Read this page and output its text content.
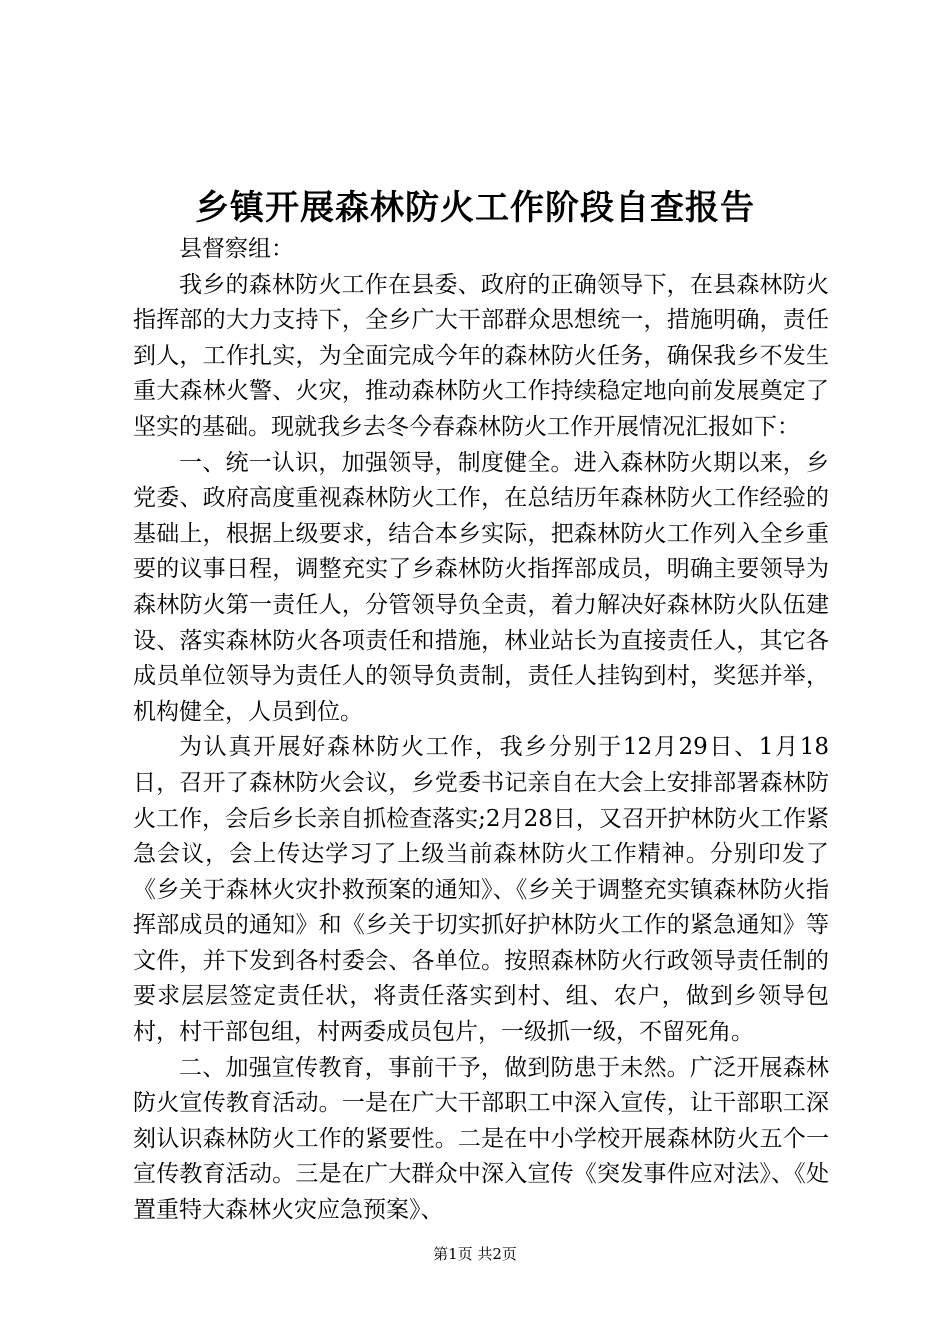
乡镇开展森林防火工作阶段自查报告

县督察组：

我乡的森林防火工作在县委、政府的正确领导下，在县森林防火指挥部的大力支持下，全乡广大干部群众思想统一，措施明确，责任到人，工作扎实，为全面完成今年的森林防火任务，确保我乡不发生重大森林火警、火灾，推动森林防火工作持续稳定地向前发展奠定了坚实的基础。现就我乡去冬今春森林防火工作开展情况汇报如下：

一、统一认识，加强领导，制度健全。进入森林防火期以来，乡党委、政府高度重视森林防火工作，在总结历年森林防火工作经验的基础上，根据上级要求，结合本乡实际，把森林防火工作列入全乡重要的议事日程，调整充实了乡森林防火指挥部成员，明确主要领导为森林防火第一责任人，分管领导负全责，着力解决好森林防火队伍建设、落实森林防火各项责任和措施，林业站长为直接责任人，其它各成员单位领导为责任人的领导负责制，责任人挂钩到村，奖惩并举，机构健全，人员到位。

为认真开展好森林防火工作，我乡分别于12月29日、1月18日，召开了森林防火会议，乡党委书记亲自在大会上安排部署森林防火工作，会后乡长亲自抓检查落实;2月28日，又召开护林防火工作紧急会议，会上传达学习了上级当前森林防火工作精神。分别印发了《乡关于森林火灾扑救预案的通知》、《乡关于调整充实镇森林防火指挥部成员的通知》和《乡关于切实抓好护林防火工作的紧急通知》等文件，并下发到各村委会、各单位。按照森林防火行政领导责任制的要求层层签定责任状，将责任落实到村、组、农户，做到乡领导包村，村干部包组，村两委成员包片，一级抓一级，不留死角。

二、加强宣传教育，事前干予，做到防患于未然。广泛开展森林防火宣传教育活动。一是在广大干部职工中深入宣传，让干部职工深刻认识森林防火工作的紧要性。二是在中小学校开展森林防火五个一宣传教育活动。三是在广大群众中深入宣传《突发事件应对法》、《处置重特大森林火灾应急预案》、

第1页 共2页
